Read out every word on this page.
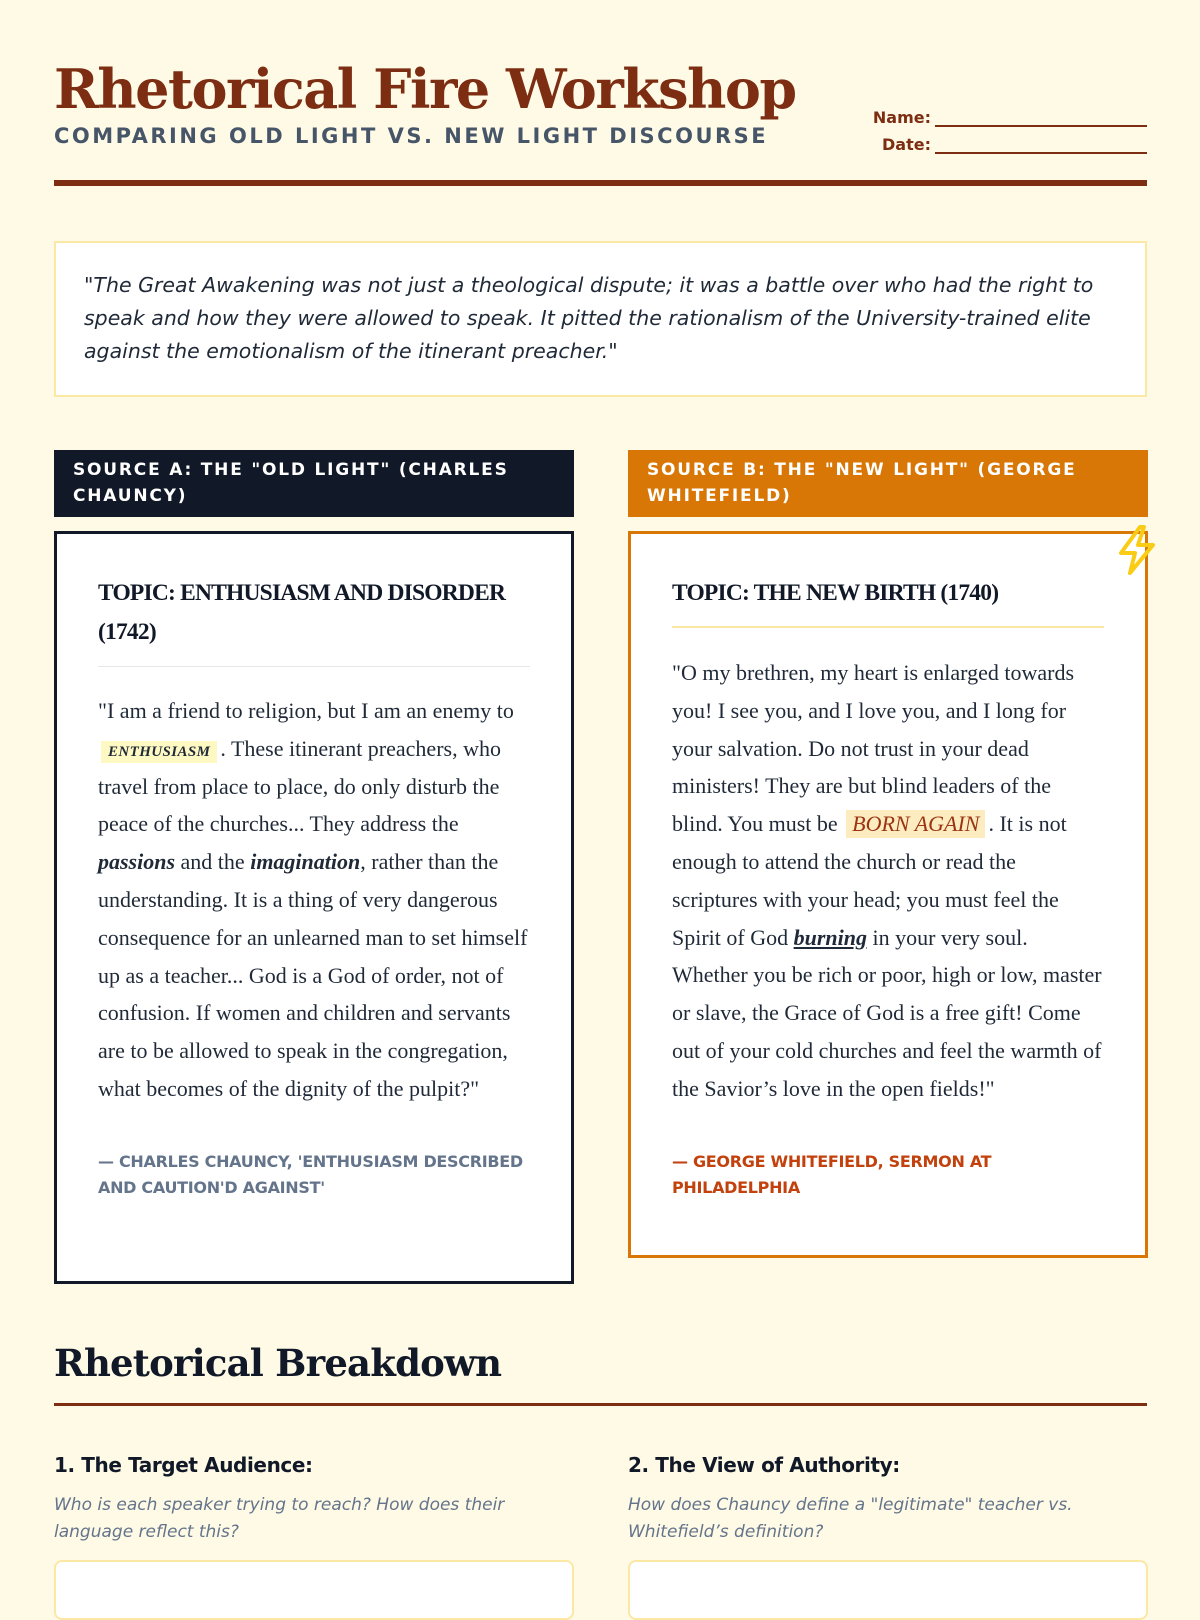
Rhetorical Fire Workshop
COMPARING OLD LIGHT VS. NEW LIGHT DISCOURSE
Name:
Date:

"The Great Awakening was not just a theological dispute; it was a battle over who had the right to speak and how they were allowed to speak. It pitted the rationalism of the University-trained elite against the emotionalism of the itinerant preacher."

SOURCE A: THE "OLD LIGHT" (CHARLES CHAUNCY)
TOPIC: ENTHUSIASM AND DISORDER (1742)

"I am a friend to religion, but I am an enemy to ENTHUSIASM . These itinerant preachers, who travel from place to place, do only disturb the peace of the churches... They address the passions and the imagination, rather than the understanding. It is a thing of very dangerous consequence for an unlearned man to set himself up as a teacher... God is a God of order, not of confusion. If women and children and servants are to be allowed to speak in the congregation, what becomes of the dignity of the pulpit?"

— CHARLES CHAUNCY, 'ENTHUSIASM DESCRIBED AND CAUTION'D AGAINST'
SOURCE B: THE "NEW LIGHT" (GEORGE WHITEFIELD)
TOPIC: THE NEW BIRTH (1740)

"O my brethren, my heart is enlarged towards you! I see you, and I love you, and I long for your salvation. Do not trust in your dead ministers! They are but blind leaders of the blind. You must be BORN AGAIN . It is not enough to attend the church or read the scriptures with your head; you must feel the Spirit of God burning in your very soul. Whether you be rich or poor, high or low, master or slave, the Grace of God is a free gift! Come out of your cold churches and feel the warmth of the Savior’s love in the open fields!"

— GEORGE WHITEFIELD, SERMON AT PHILADELPHIA
Rhetorical Breakdown
1. The Target Audience:
Who is each speaker trying to reach? How does their language reflect this?
2. The View of Authority:
How does Chauncy define a "legitimate" teacher vs. Whitefield’s definition?
